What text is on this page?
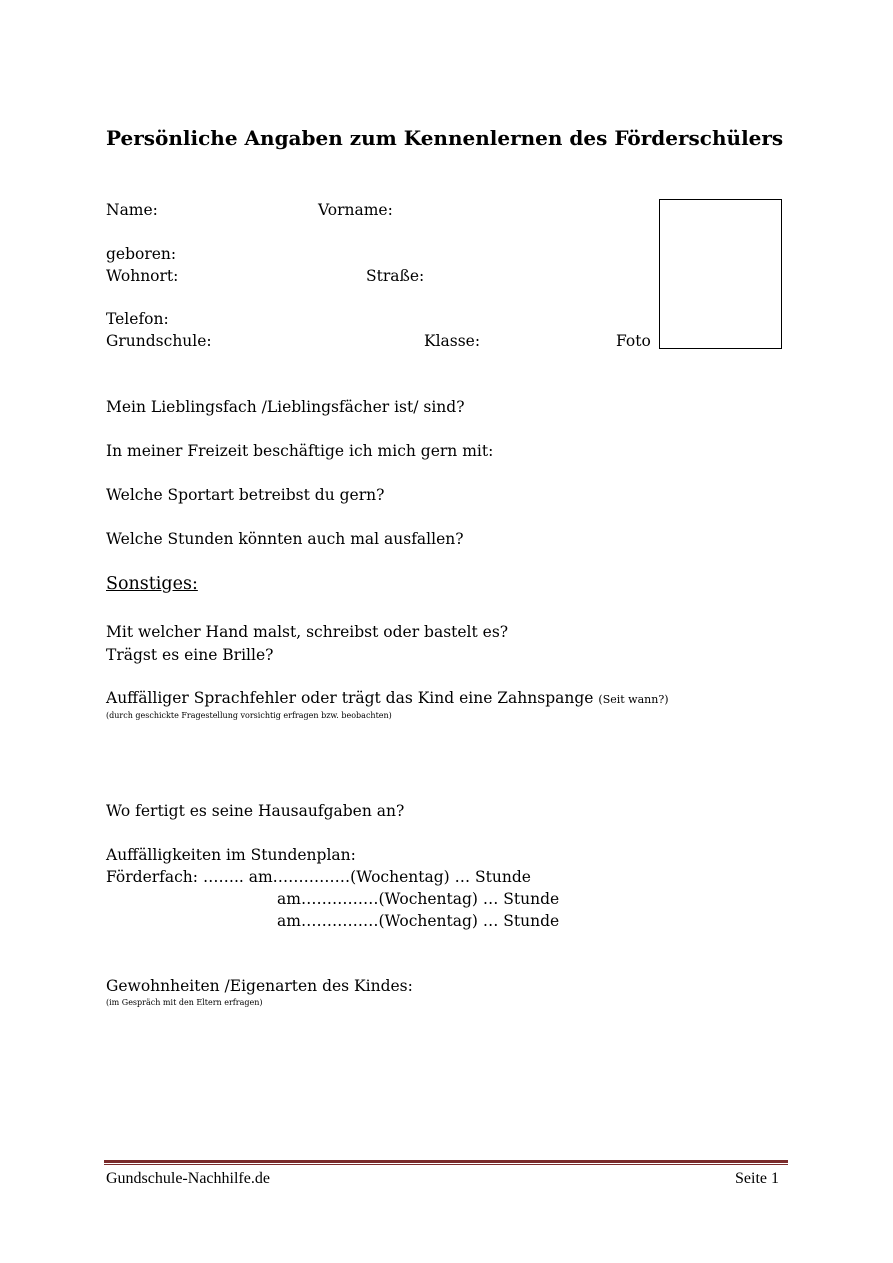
Persönliche Angaben zum Kennenlernen des Förderschülers
Name:	Vorname:
geboren:
Wohnort:	Straße:
Telefon:
Grundschule:	Klasse:	Foto
Mein Lieblingsfach /Lieblingsfächer ist/ sind?
In meiner Freizeit beschäftige ich mich gern mit:
Welche Sportart betreibst du gern?
Welche Stunden könnten auch mal ausfallen?
Sonstiges:
Mit welcher Hand malst, schreibst oder bastelt es?
Trägst es eine Brille?
Auffälliger Sprachfehler oder trägt das Kind eine Zahnspange (Seit wann?)
(durch geschickte Fragestellung vorsichtig erfragen bzw. beobachten)
Wo fertigt es seine Hausaufgaben an?
Auffälligkeiten im Stundenplan:
Förderfach: …….. am……………(Wochentag) … Stunde
am……………(Wochentag) … Stunde
am……………(Wochentag) … Stunde
Gewohnheiten /Eigenarten des Kindes:
(im Gespräch mit den Eltern erfragen)
Gundschule-Nachhilfe.de	Seite 1
